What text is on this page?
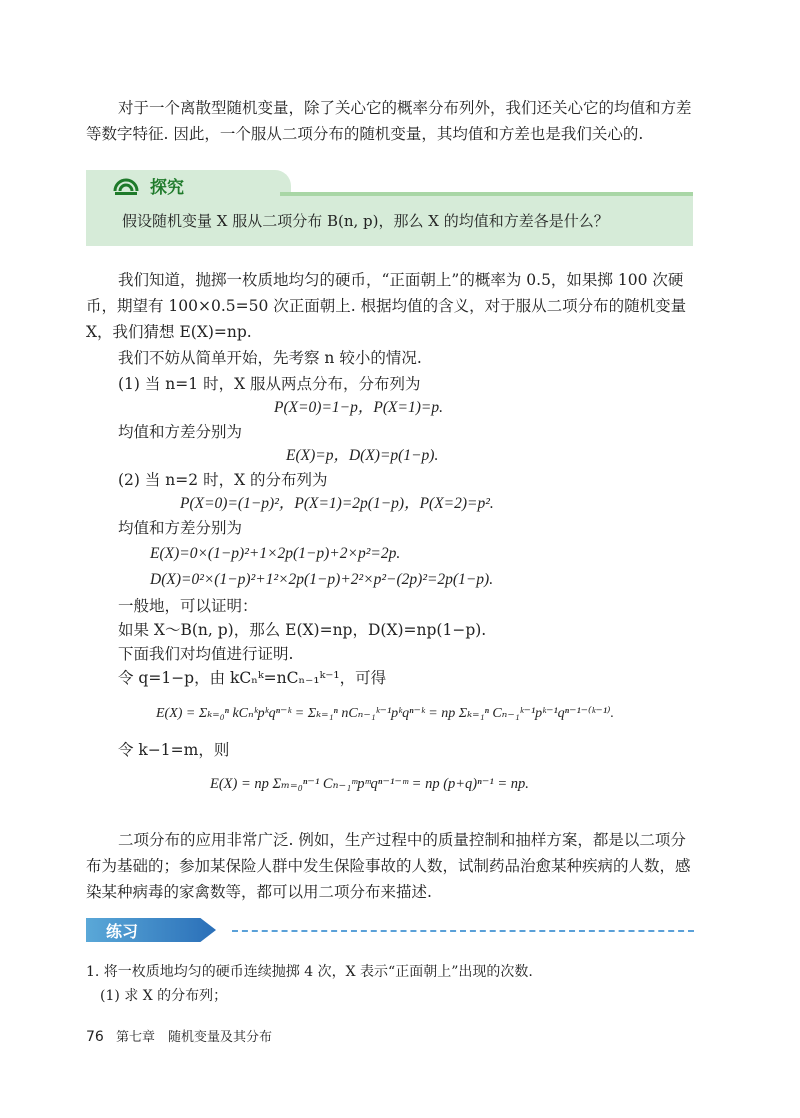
对于一个离散型随机变量，除了关心它的概率分布列外，我们还关心它的均值和方差
等数字特征. 因此，一个服从二项分布的随机变量，其均值和方差也是我们关心的.
探究
假设随机变量 X 服从二项分布 B(n, p)，那么 X 的均值和方差各是什么？
我们知道，抛掷一枚质地均匀的硬币，“正面朝上”的概率为 0.5，如果掷 100 次硬
币，期望有 100×0.5=50 次正面朝上. 根据均值的含义，对于服从二项分布的随机变量
X，我们猜想 E(X)=np.
我们不妨从简单开始，先考察 n 较小的情况.
(1) 当 n=1 时，X 服从两点分布，分布列为
P(X=0)=1−p，P(X=1)=p.
均值和方差分别为
E(X)=p，D(X)=p(1−p).
(2) 当 n=2 时，X 的分布列为
P(X=0)=(1−p)²，P(X=1)=2p(1−p)，P(X=2)=p².
均值和方差分别为
E(X)=0×(1−p)²+1×2p(1−p)+2×p²=2p.
D(X)=0²×(1−p)²+1²×2p(1−p)+2²×p²−(2p)²=2p(1−p).
一般地，可以证明：
如果 X～B(n, p)，那么 E(X)=np，D(X)=np(1−p).
下面我们对均值进行证明.
令 q=1−p，由 kCₙᵏ=nCₙ₋₁ᵏ⁻¹，可得
E(X) = Σₖ₌₀ⁿ kCₙᵏpᵏqⁿ⁻ᵏ = Σₖ₌₁ⁿ nCₙ₋₁ᵏ⁻¹pᵏqⁿ⁻ᵏ = np Σₖ₌₁ⁿ Cₙ₋₁ᵏ⁻¹pᵏ⁻¹qⁿ⁻¹⁻⁽ᵏ⁻¹⁾.
令 k−1=m，则
E(X) = np Σₘ₌₀ⁿ⁻¹ Cₙ₋₁ᵐpᵐqⁿ⁻¹⁻ᵐ = np (p+q)ⁿ⁻¹ = np.
二项分布的应用非常广泛. 例如，生产过程中的质量控制和抽样方案，都是以二项分
布为基础的；参加某保险人群中发生保险事故的人数，试制药品治愈某种疾病的人数，感
染某种病毒的家禽数等，都可以用二项分布来描述.
练习
1. 将一枚质地均匀的硬币连续抛掷 4 次，X 表示“正面朝上”出现的次数.
(1) 求 X 的分布列；
76 第七章　随机变量及其分布
